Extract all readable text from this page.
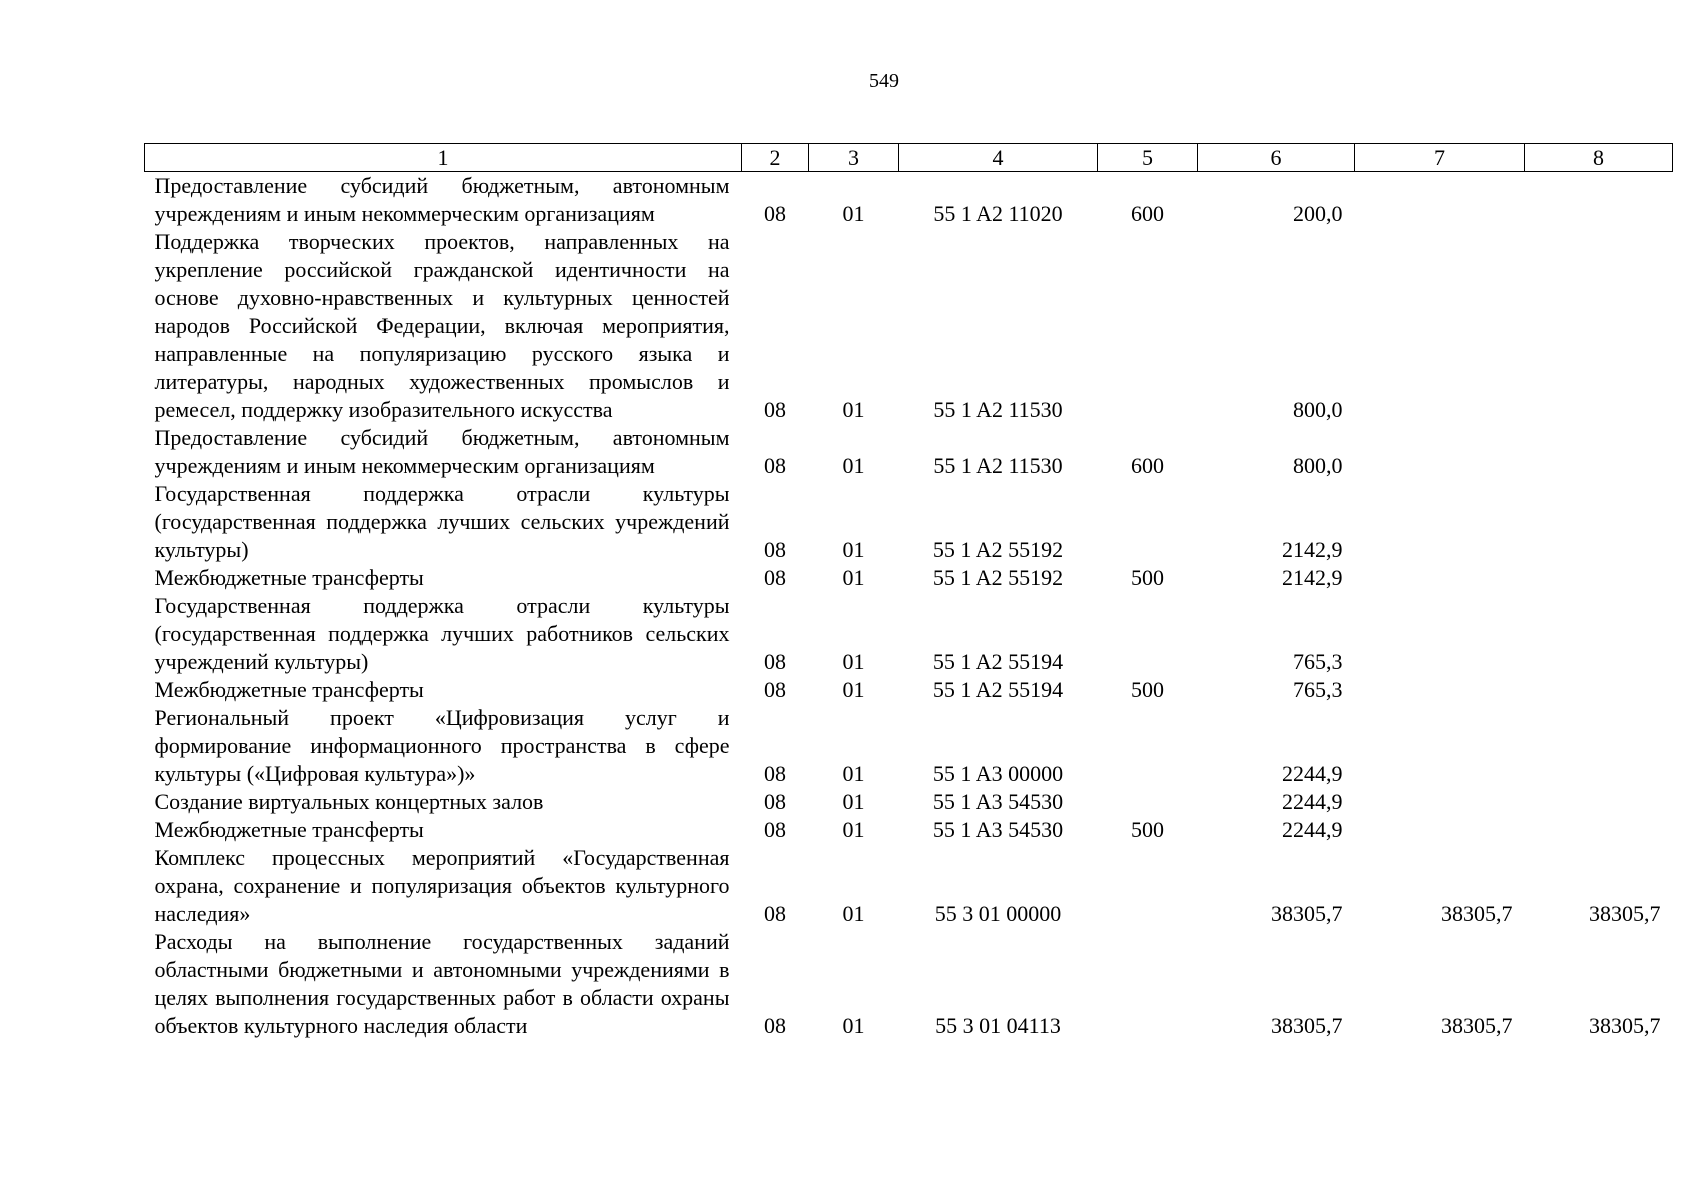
549
1	2	3	4	5	6	7	8
Предоставление субсидий бюджетным, автономным учреждениям и иным некоммерческим организациям	08	01	55 1 A2 11020	600	200,0		
Поддержка творческих проектов, направленных на укрепление российской гражданской идентичности на основе духовно-нравственных и культурных ценностей народов Российской Федерации, включая мероприятия, направленные на популяризацию русского языка и литературы, народных художественных промыслов и ремесел, поддержку изобразительного искусства	08	01	55 1 A2 11530		800,0		
Предоставление субсидий бюджетным, автономным учреждениям и иным некоммерческим организациям	08	01	55 1 A2 11530	600	800,0		
Государственная поддержка отрасли культуры (государственная поддержка лучших сельских учреждений культуры)	08	01	55 1 A2 55192		2142,9		
Межбюджетные трансферты	08	01	55 1 A2 55192	500	2142,9		
Государственная поддержка отрасли культуры (государственная поддержка лучших работников сельских учреждений культуры)	08	01	55 1 A2 55194		765,3		
Межбюджетные трансферты	08	01	55 1 A2 55194	500	765,3		
Региональный проект «Цифровизация услуг и формирование информационного пространства в сфере культуры («Цифровая культура»)»	08	01	55 1 A3 00000		2244,9		
Создание виртуальных концертных залов	08	01	55 1 A3 54530		2244,9		
Межбюджетные трансферты	08	01	55 1 A3 54530	500	2244,9		
Комплекс процессных мероприятий «Государственная охрана, сохранение и популяризация объектов культурного наследия»	08	01	55 3 01 00000		38305,7	38305,7	38305,7
Расходы на выполнение государственных заданий областными бюджетными и автономными учреждениями в целях выполнения государственных работ в области охраны объектов культурного наследия области	08	01	55 3 01 04113		38305,7	38305,7	38305,7
